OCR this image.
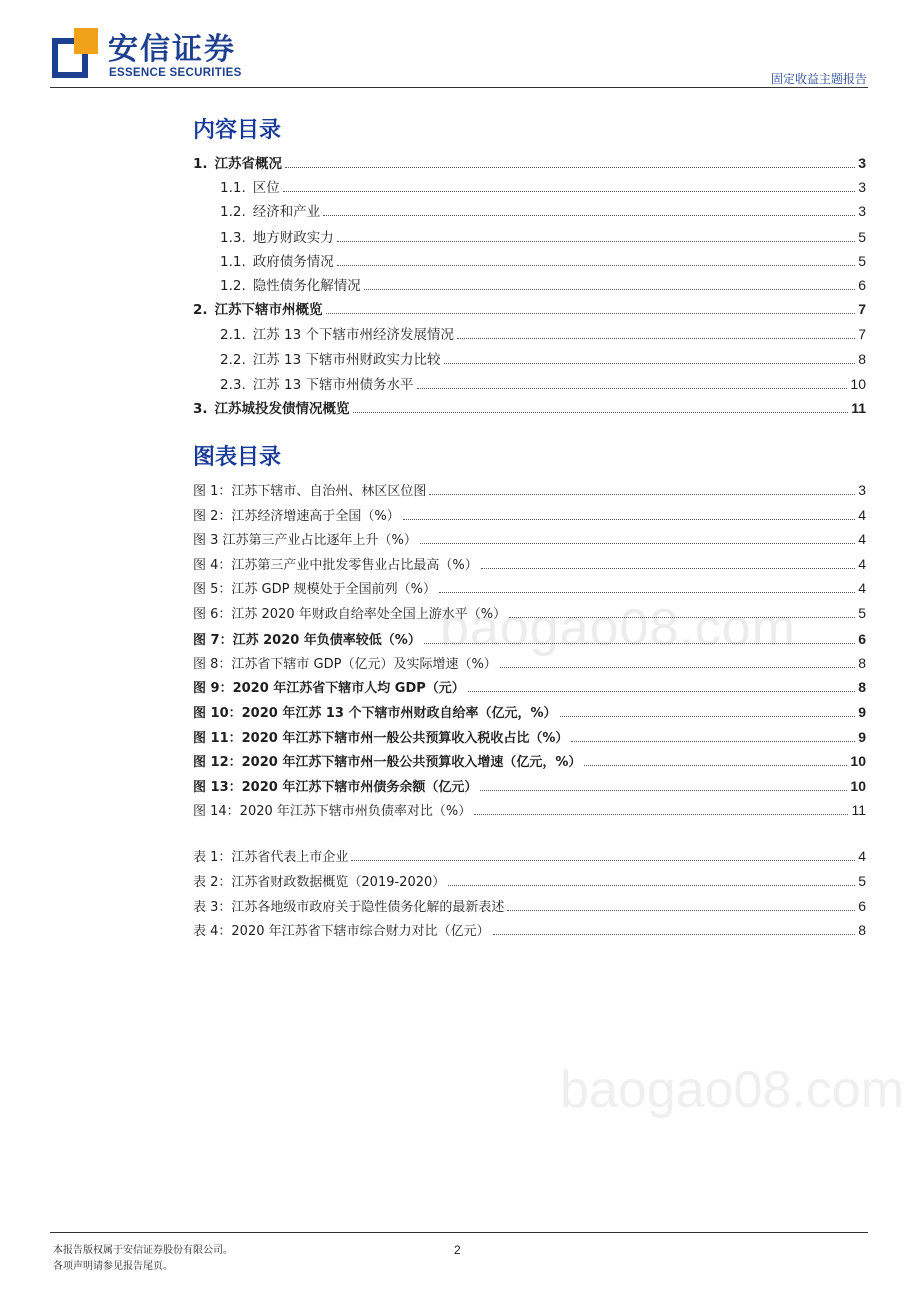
安信证券
ESSENCE SECURITIES	固定收益主题报告
内容目录
1. 江苏省概况	3
1.1. 区位	3
1.2. 经济和产业	3
1.3. 地方财政实力	5
1.1. 政府债务情况	5
1.2. 隐性债务化解情况	6
2. 江苏下辖市州概览	7
2.1. 江苏 13 个下辖市州经济发展情况	7
2.2. 江苏 13 下辖市州财政实力比较	8
2.3. 江苏 13 下辖市州债务水平	10
3. 江苏城投发债情况概览	11
图表目录
图 1：江苏下辖市、自治州、林区区位图	3
图 2：江苏经济增速高于全国（%）	4
图 3 江苏第三产业占比逐年上升（%）	4
图 4：江苏第三产业中批发零售业占比最高（%）	4
图 5：江苏 GDP 规模处于全国前列（%）	4
图 6：江苏 2020 年财政自给率处全国上游水平（%）	5
图 7：江苏 2020 年负债率较低（%）	6
图 8：江苏省下辖市 GDP（亿元）及实际增速（%）	8
图 9：2020 年江苏省下辖市人均 GDP（元）	8
图 10：2020 年江苏 13 个下辖市州财政自给率（亿元，%）	9
图 11：2020 年江苏下辖市州一般公共预算收入税收占比（%）	9
图 12：2020 年江苏下辖市州一般公共预算收入增速（亿元，%）	10
图 13：2020 年江苏下辖市州债务余额（亿元）	10
图 14：2020 年江苏下辖市州负债率对比（%）	11
表 1：江苏省代表上市企业	4
表 2：江苏省财政数据概览（2019-2020）	5
表 3：江苏各地级市政府关于隐性债务化解的最新表述	6
表 4：2020 年江苏省下辖市综合财力对比（亿元）	8
baogao08.com
baogao08.com
本报告版权属于安信证券股份有限公司。
各项声明请参见报告尾页。
2
